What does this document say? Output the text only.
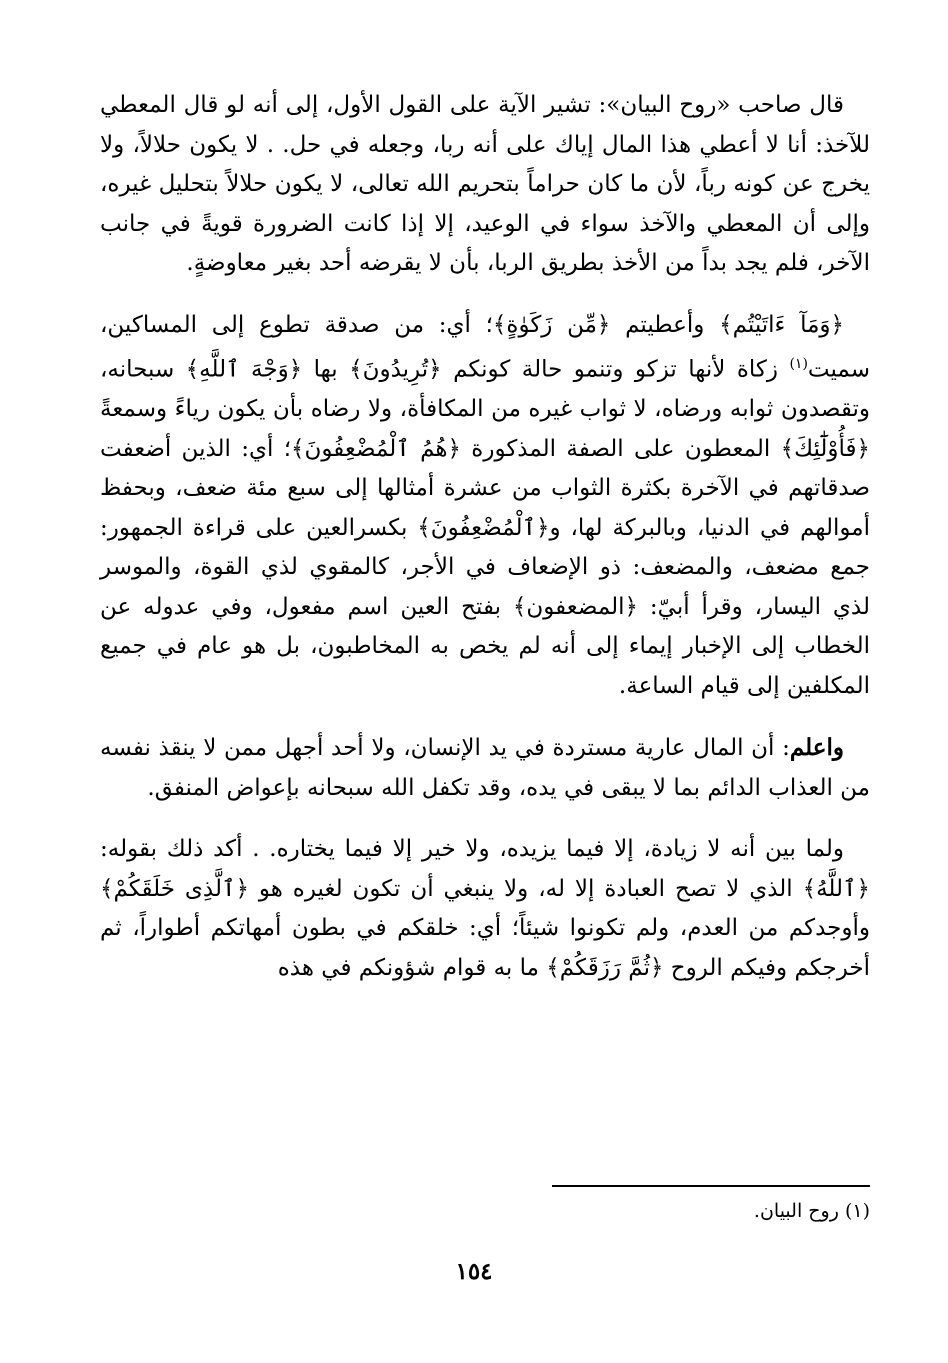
قال صاحب «روح البيان»: تشير الآية على القول الأول، إلى أنه لو قال المعطي للآخذ: أنا لا أعطي هذا المال إياك على أنه ربا، وجعله في حل. . لا يكون حلالاً، ولا يخرج عن كونه رباً، لأن ما كان حراماً بتحريم الله تعالى، لا يكون حلالاً بتحليل غيره، وإلى أن المعطي والآخذ سواء في الوعيد، إلا إذا كانت الضرورة قويةً في جانب الآخر، فلم يجد بداً من الأخذ بطريق الربا، بأن لا يقرضه أحد بغير معاوضةٍ.

﴿وَمَآ ءَاتَيْتُم﴾ وأعطيتم ﴿مِّن زَكَوٰةٍ﴾؛ أي: من صدقة تطوع إلى المساكين، سميت$^{(١)}$ زكاة لأنها تزكو وتنمو حالة كونكم ﴿تُرِيدُونَ﴾ بها ﴿وَجْهَ ٱللَّهِ﴾ سبحانه، وتقصدون ثوابه ورضاه، لا ثواب غيره من المكافأة، ولا رضاه بأن يكون رياءً وسمعةً ﴿فَأُوْلَٰٓئِكَ﴾ المعطون على الصفة المذكورة ﴿هُمُ ٱلْمُضْعِفُونَ﴾؛ أي: الذين أضعفت صدقاتهم في الآخرة بكثرة الثواب من عشرة أمثالها إلى سبع مئة ضعف، وبحفظ أموالهم في الدنيا، وبالبركة لها، و﴿ٱلْمُضْعِفُونَ﴾ بكسرالعين على قراءة الجمهور: جمع مضعف، والمضعف: ذو الإضعاف في الأجر، كالمقوي لذي القوة، والموسر لذي اليسار، وقرأ أبيّ: ﴿المضعفون﴾ بفتح العين اسم مفعول، وفي عدوله عن الخطاب إلى الإخبار إيماء إلى أنه لم يخص به المخاطبون، بل هو عام في جميع المكلفين إلى قيام الساعة.

واعلم: أن المال عارية مستردة في يد الإنسان، ولا أحد أجهل ممن لا ينقذ نفسه من العذاب الدائم بما لا يبقى في يده، وقد تكفل الله سبحانه بإعواض المنفق.

ولما بين أنه لا زيادة، إلا فيما يزيده، ولا خير إلا فيما يختاره. . أكد ذلك بقوله: ﴿ٱللَّهُ﴾ الذي لا تصح العبادة إلا له، ولا ينبغي أن تكون لغيره هو ﴿ٱلَّذِى خَلَقَكُمْ﴾ وأوجدكم من العدم، ولم تكونوا شيئاً؛ أي: خلقكم في بطون أمهاتكم أطواراً، ثم أخرجكم وفيكم الروح ﴿ثُمَّ رَزَقَكُمْ﴾ ما به قوام شؤونكم في هذه

(١) روح البيان.
١٥٤
